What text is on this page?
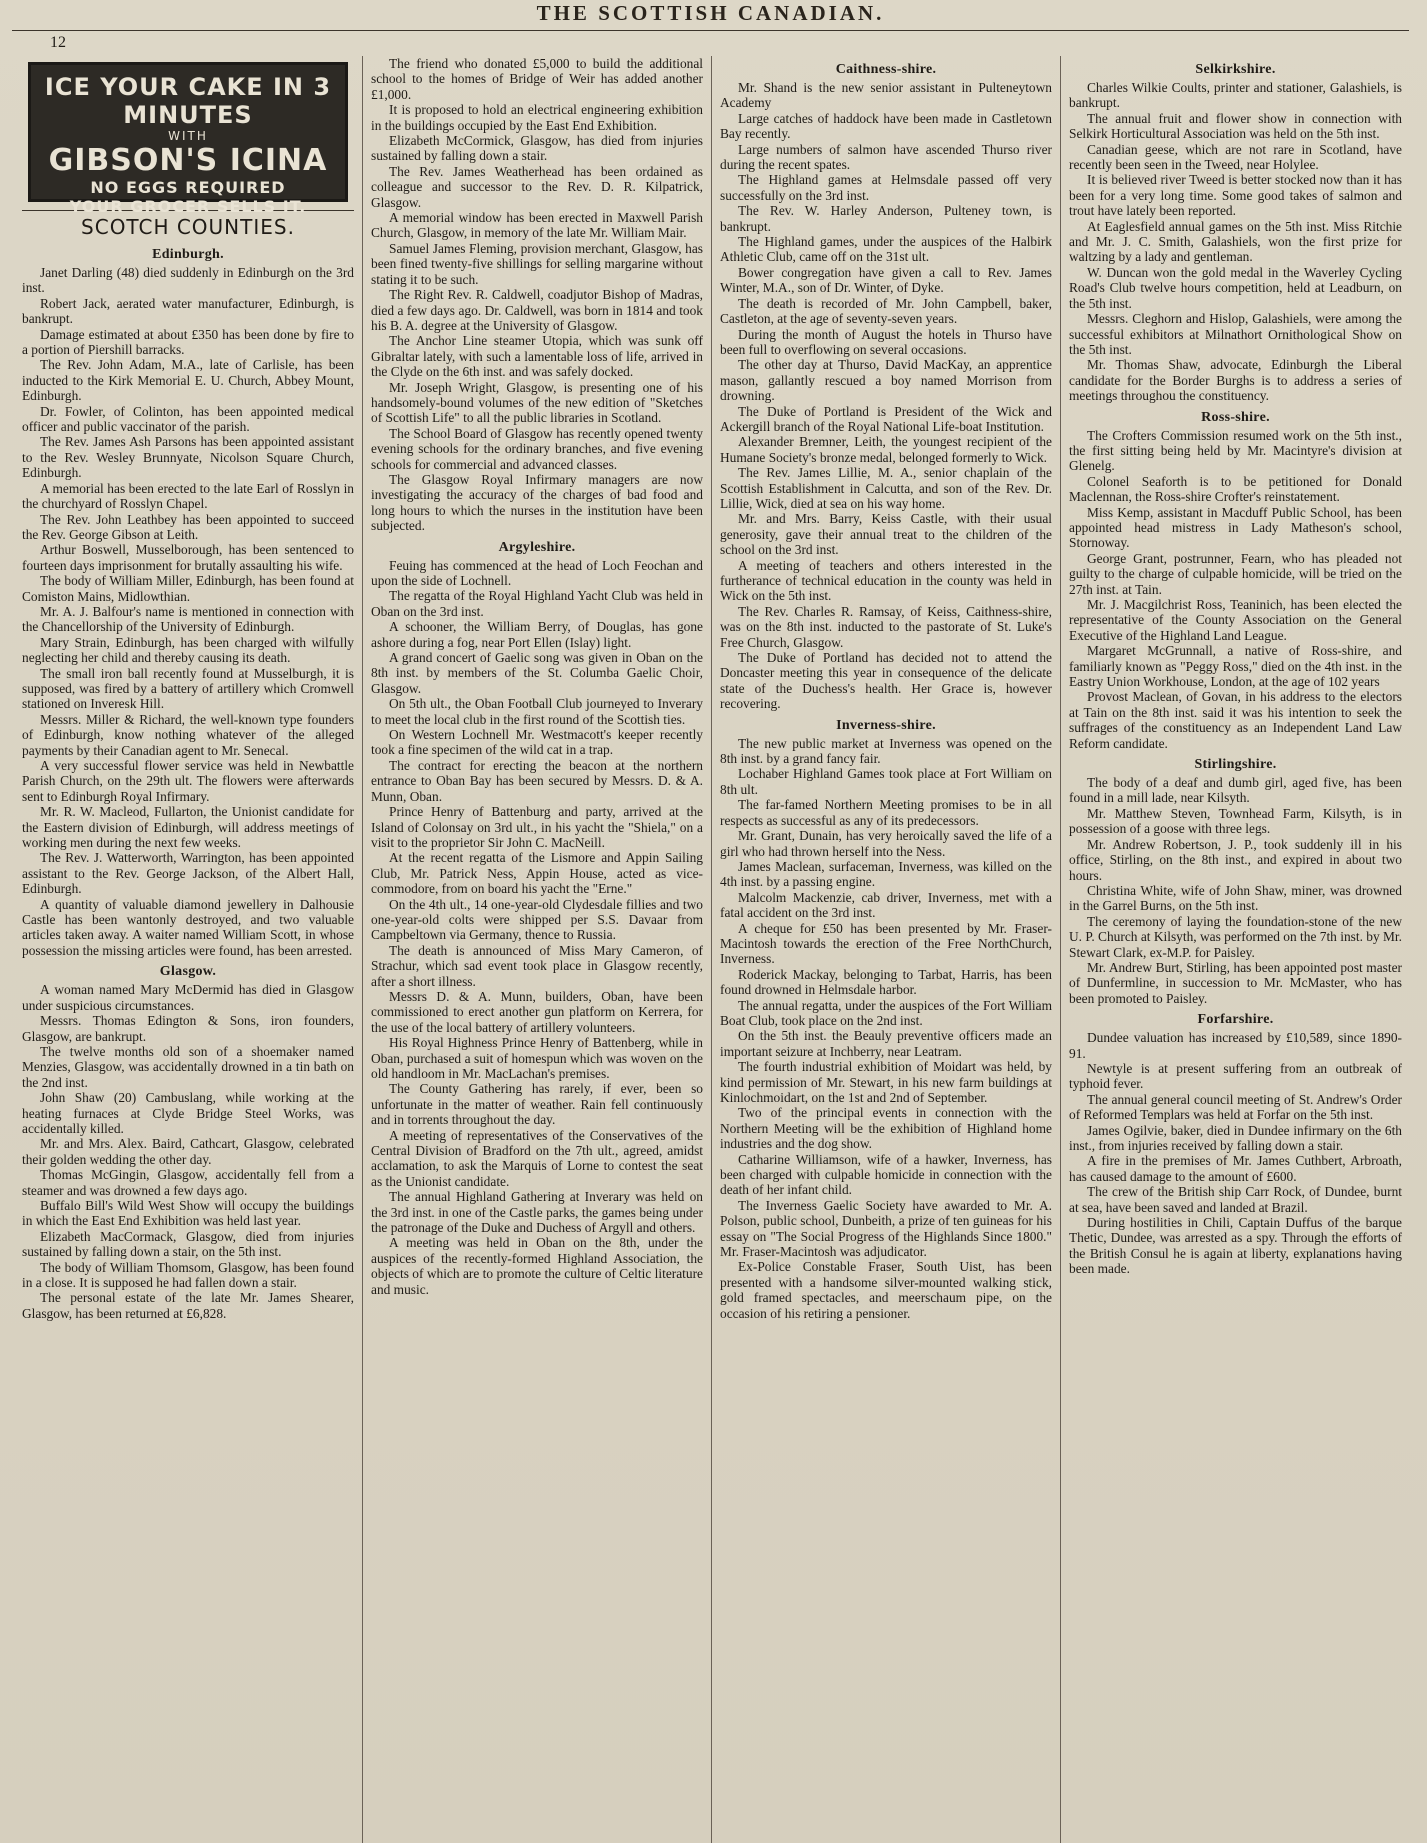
THE SCOTTISH CANADIAN.
12
ICE YOUR CAKE IN 3 MINUTES
WITH
GIBSON'S ICINA
NO EGGS REQUIRED
YOUR GROCER SELLS IT.
SCOTCH COUNTIES.
Edinburgh.

Janet Darling (48) died suddenly in Edinburgh on the 3rd inst.

Robert Jack, aerated water manufacturer, Edinburgh, is bankrupt.

Damage estimated at about £350 has been done by fire to a portion of Piershill barracks.

The Rev. John Adam, M.A., late of Carlisle, has been inducted to the Kirk Memorial E. U. Church, Abbey Mount, Edinburgh.

Dr. Fowler, of Colinton, has been appointed medical officer and public vaccinator of the parish.

The Rev. James Ash Parsons has been appointed assistant to the Rev. Wesley Brunnyate, Nicolson Square Church, Edinburgh.

A memorial has been erected to the late Earl of Rosslyn in the churchyard of Rosslyn Chapel.

The Rev. John Leathbey has been appointed to succeed the Rev. George Gibson at Leith.

Arthur Boswell, Musselborough, has been sentenced to fourteen days imprisonment for brutally assaulting his wife.

The body of William Miller, Edinburgh, has been found at Comiston Mains, Midlowthian.

Mr. A. J. Balfour's name is mentioned in connection with the Chancellorship of the University of Edinburgh.

Mary Strain, Edinburgh, has been charged with wilfully neglecting her child and thereby causing its death.

The small iron ball recently found at Musselburgh, it is supposed, was fired by a battery of artillery which Cromwell stationed on Inveresk Hill.

Messrs. Miller & Richard, the well-known type founders of Edinburgh, know nothing whatever of the alleged payments by their Canadian agent to Mr. Senecal.

A very successful flower service was held in Newbattle Parish Church, on the 29th ult. The flowers were afterwards sent to Edinburgh Royal Infirmary.

Mr. R. W. Macleod, Fullarton, the Unionist candidate for the Eastern division of Edinburgh, will address meetings of working men during the next few weeks.

The Rev. J. Watterworth, Warrington, has been appointed assistant to the Rev. George Jackson, of the Albert Hall, Edinburgh.

A quantity of valuable diamond jewellery in Dalhousie Castle has been wantonly destroyed, and two valuable articles taken away. A waiter named William Scott, in whose possession the missing articles were found, has been arrested.

Glasgow.

A woman named Mary McDermid has died in Glasgow under suspicious circumstances.

Messrs. Thomas Edington & Sons, iron founders, Glasgow, are bankrupt.

The twelve months old son of a shoemaker named Menzies, Glasgow, was accidentally drowned in a tin bath on the 2nd inst.

John Shaw (20) Cambuslang, while working at the heating furnaces at Clyde Bridge Steel Works, was accidentally killed.

Mr. and Mrs. Alex. Baird, Cathcart, Glasgow, celebrated their golden wedding the other day.

Thomas McGingin, Glasgow, accidentally fell from a steamer and was drowned a few days ago.

Buffalo Bill's Wild West Show will occupy the buildings in which the East End Exhibition was held last year.

Elizabeth MacCormack, Glasgow, died from injuries sustained by falling down a stair, on the 5th inst.

The body of William Thomsom, Glasgow, has been found in a close. It is supposed he had fallen down a stair.

The personal estate of the late Mr. James Shearer, Glasgow, has been returned at £6,828.

The friend who donated £5,000 to build the additional school to the homes of Bridge of Weir has added another £1,000.

It is proposed to hold an electrical engineering exhibition in the buildings occupied by the East End Exhibition.

Elizabeth McCormick, Glasgow, has died from injuries sustained by falling down a stair.

The Rev. James Weatherhead has been ordained as colleague and successor to the Rev. D. R. Kilpatrick, Glasgow.

A memorial window has been erected in Maxwell Parish Church, Glasgow, in memory of the late Mr. William Mair.

Samuel James Fleming, provision merchant, Glasgow, has been fined twenty-five shillings for selling margarine without stating it to be such.

The Right Rev. R. Caldwell, coadjutor Bishop of Madras, died a few days ago. Dr. Caldwell, was born in 1814 and took his B. A. degree at the University of Glasgow.

The Anchor Line steamer Utopia, which was sunk off Gibraltar lately, with such a lamentable loss of life, arrived in the Clyde on the 6th inst. and was safely docked.

Mr. Joseph Wright, Glasgow, is presenting one of his handsomely-bound volumes of the new edition of "Sketches of Scottish Life" to all the public libraries in Scotland.

The School Board of Glasgow has recently opened twenty evening schools for the ordinary branches, and five evening schools for commercial and advanced classes.

The Glasgow Royal Infirmary managers are now investigating the accuracy of the charges of bad food and long hours to which the nurses in the institution have been subjected.

Argyleshire.

Feuing has commenced at the head of Loch Feochan and upon the side of Lochnell.

The regatta of the Royal Highland Yacht Club was held in Oban on the 3rd inst.

A schooner, the William Berry, of Douglas, has gone ashore during a fog, near Port Ellen (Islay) light.

A grand concert of Gaelic song was given in Oban on the 8th inst. by members of the St. Columba Gaelic Choir, Glasgow.

On 5th ult., the Oban Football Club journeyed to Inverary to meet the local club in the first round of the Scottish ties.

On Western Lochnell Mr. Westmacott's keeper recently took a fine specimen of the wild cat in a trap.

The contract for erecting the beacon at the northern entrance to Oban Bay has been secured by Messrs. D. & A. Munn, Oban.

Prince Henry of Battenburg and party, arrived at the Island of Colonsay on 3rd ult., in his yacht the "Shiela," on a visit to the proprietor Sir John C. MacNeill.

At the recent regatta of the Lismore and Appin Sailing Club, Mr. Patrick Ness, Appin House, acted as vice-commodore, from on board his yacht the "Erne."

On the 4th ult., 14 one-year-old Clydesdale fillies and two one-year-old colts were shipped per S.S. Davaar from Campbeltown via Germany, thence to Russia.

The death is announced of Miss Mary Cameron, of Strachur, which sad event took place in Glasgow recently, after a short illness.

Messrs D. & A. Munn, builders, Oban, have been commissioned to erect another gun platform on Kerrera, for the use of the local battery of artillery volunteers.

His Royal Highness Prince Henry of Battenberg, while in Oban, purchased a suit of homespun which was woven on the old handloom in Mr. MacLachan's premises.

The County Gathering has rarely, if ever, been so unfortunate in the matter of weather. Rain fell continuously and in torrents throughout the day.

A meeting of representatives of the Conservatives of the Central Division of Bradford on the 7th ult., agreed, amidst acclamation, to ask the Marquis of Lorne to contest the seat as the Unionist candidate.

The annual Highland Gathering at Inverary was held on the 3rd inst. in one of the Castle parks, the games being under the patronage of the Duke and Duchess of Argyll and others.

A meeting was held in Oban on the 8th, under the auspices of the recently-formed Highland Association, the objects of which are to promote the culture of Celtic literature and music.

Caithness-shire.

Mr. Shand is the new senior assistant in Pulteneytown Academy

Large catches of haddock have been made in Castletown Bay recently.

Large numbers of salmon have ascended Thurso river during the recent spates.

The Highland games at Helmsdale passed off very successfully on the 3rd inst.

The Rev. W. Harley Anderson, Pulteney town, is bankrupt.

The Highland games, under the auspices of the Halbirk Athletic Club, came off on the 31st ult.

Bower congregation have given a call to Rev. James Winter, M.A., son of Dr. Winter, of Dyke.

The death is recorded of Mr. John Campbell, baker, Castleton, at the age of seventy-seven years.

During the month of August the hotels in Thurso have been full to overflowing on several occasions.

The other day at Thurso, David MacKay, an apprentice mason, gallantly rescued a boy named Morrison from drowning.

The Duke of Portland is President of the Wick and Ackergill branch of the Royal National Life-boat Institution.

Alexander Bremner, Leith, the youngest recipient of the Humane Society's bronze medal, belonged formerly to Wick.

The Rev. James Lillie, M. A., senior chaplain of the Scottish Establishment in Calcutta, and son of the Rev. Dr. Lillie, Wick, died at sea on his way home.

Mr. and Mrs. Barry, Keiss Castle, with their usual generosity, gave their annual treat to the children of the school on the 3rd inst.

A meeting of teachers and others interested in the furtherance of technical education in the county was held in Wick on the 5th inst.

The Rev. Charles R. Ramsay, of Keiss, Caithness-shire, was on the 8th inst. inducted to the pastorate of St. Luke's Free Church, Glasgow.

The Duke of Portland has decided not to attend the Doncaster meeting this year in consequence of the delicate state of the Duchess's health. Her Grace is, however recovering.

Inverness-shire.

The new public market at Inverness was opened on the 8th inst. by a grand fancy fair.

Lochaber Highland Games took place at Fort William on 8th ult.

The far-famed Northern Meeting promises to be in all respects as successful as any of its predecessors.

Mr. Grant, Dunain, has very heroically saved the life of a girl who had thrown herself into the Ness.

James Maclean, surfaceman, Inverness, was killed on the 4th inst. by a passing engine.

Malcolm Mackenzie, cab driver, Inverness, met with a fatal accident on the 3rd inst.

A cheque for £50 has been presented by Mr. Fraser-Macintosh towards the erection of the Free NorthChurch, Inverness.

Roderick Mackay, belonging to Tarbat, Harris, has been found drowned in Helmsdale harbor.

The annual regatta, under the auspices of the Fort William Boat Club, took place on the 2nd inst.

On the 5th inst. the Beauly preventive officers made an important seizure at Inchberry, near Leatram.

The fourth industrial exhibition of Moidart was held, by kind permission of Mr. Stewart, in his new farm buildings at Kinlochmoidart, on the 1st and 2nd of September.

Two of the principal events in connection with the Northern Meeting will be the exhibition of Highland home industries and the dog show.

Catharine Williamson, wife of a hawker, Inverness, has been charged with culpable homicide in connection with the death of her infant child.

The Inverness Gaelic Society have awarded to Mr. A. Polson, public school, Dunbeith, a prize of ten guineas for his essay on "The Social Progress of the Highlands Since 1800." Mr. Fraser-Macintosh was adjudicator.

Ex-Police Constable Fraser, South Uist, has been presented with a handsome silver-mounted walking stick, gold framed spectacles, and meerschaum pipe, on the occasion of his retiring a pensioner.

Selkirkshire.

Charles Wilkie Coults, printer and stationer, Galashiels, is bankrupt.

The annual fruit and flower show in connection with Selkirk Horticultural Association was held on the 5th inst.

Canadian geese, which are not rare in Scotland, have recently been seen in the Tweed, near Holylee.

It is believed river Tweed is better stocked now than it has been for a very long time. Some good takes of salmon and trout have lately been reported.

At Eaglesfield annual games on the 5th inst. Miss Ritchie and Mr. J. C. Smith, Galashiels, won the first prize for waltzing by a lady and gentleman.

W. Duncan won the gold medal in the Waverley Cycling Road's Club twelve hours competition, held at Leadburn, on the 5th inst.

Messrs. Cleghorn and Hislop, Galashiels, were among the successful exhibitors at Milnathort Ornithological Show on the 5th inst.

Mr. Thomas Shaw, advocate, Edinburgh the Liberal candidate for the Border Burghs is to address a series of meetings throughou the constituency.

Ross-shire.

The Crofters Commission resumed work on the 5th inst., the first sitting being held by Mr. Macintyre's division at Glenelg.

Colonel Seaforth is to be petitioned for Donald Maclennan, the Ross-shire Crofter's reinstatement.

Miss Kemp, assistant in Macduff Public School, has been appointed head mistress in Lady Matheson's school, Stornoway.

George Grant, postrunner, Fearn, who has pleaded not guilty to the charge of culpable homicide, will be tried on the 27th inst. at Tain.

Mr. J. Macgilchrist Ross, Teaninich, has been elected the representative of the County Association on the General Executive of the Highland Land League.

Margaret McGrunnall, a native of Ross-shire, and familiarly known as "Peggy Ross," died on the 4th inst. in the Eastry Union Workhouse, London, at the age of 102 years

Provost Maclean, of Govan, in his address to the electors at Tain on the 8th inst. said it was his intention to seek the suffrages of the constituency as an Independent Land Law Reform candidate.

Stirlingshire.

The body of a deaf and dumb girl, aged five, has been found in a mill lade, near Kilsyth.

Mr. Matthew Steven, Townhead Farm, Kilsyth, is in possession of a goose with three legs.

Mr. Andrew Robertson, J. P., took suddenly ill in his office, Stirling, on the 8th inst., and expired in about two hours.

Christina White, wife of John Shaw, miner, was drowned in the Garrel Burns, on the 5th inst.

The ceremony of laying the foundation-stone of the new U. P. Church at Kilsyth, was performed on the 7th inst. by Mr. Stewart Clark, ex-M.P. for Paisley.

Mr. Andrew Burt, Stirling, has been appointed post master of Dunfermline, in succession to Mr. McMaster, who has been promoted to Paisley.

Forfarshire.

Dundee valuation has increased by £10,589, since 1890-91.

Newtyle is at present suffering from an outbreak of typhoid fever.

The annual general council meeting of St. Andrew's Order of Reformed Templars was held at Forfar on the 5th inst.

James Ogilvie, baker, died in Dundee infirmary on the 6th inst., from injuries received by falling down a stair.

A fire in the premises of Mr. James Cuthbert, Arbroath, has caused damage to the amount of £600.

The crew of the British ship Carr Rock, of Dundee, burnt at sea, have been saved and landed at Brazil.

During hostilities in Chili, Captain Duffus of the barque Thetic, Dundee, was arrested as a spy. Through the efforts of the British Consul he is again at liberty, explanations having been made.
